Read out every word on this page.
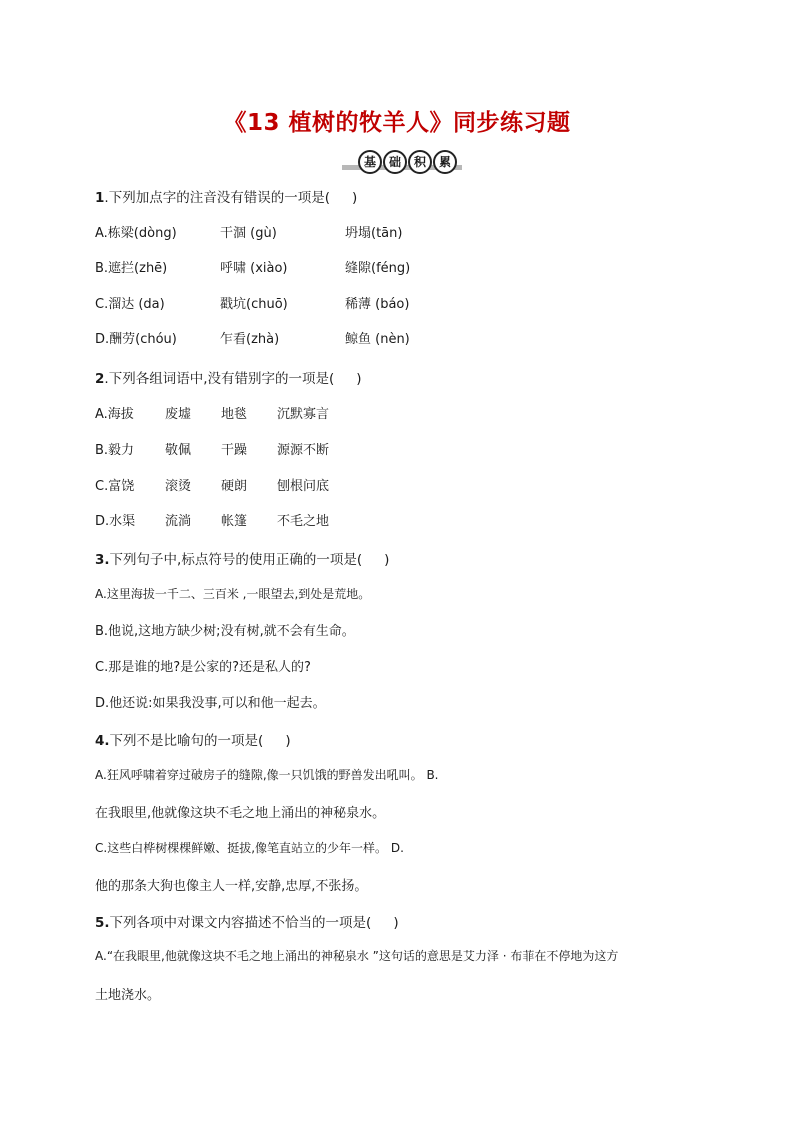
《13 植树的牧羊人》同步练习题
基	础	积	累
1.下列加点字的注音没有错误的一项是( )
A.栋梁(dòng)	干涸 (gù)	坍塌(tān)
B.遮拦(zhē)	呼啸 (xiào)	缝隙(féng)
C.溜达 (da)	戳坑(chuō)	稀薄 (báo)
D.酬劳(chóu)	乍看(zhà)	鲸鱼 (nèn)
2.下列各组词语中,没有错别字的一项是( )
A.海拔 废墟 地毯 沉默寡言
B.毅力 敬佩 干躁 源源不断
C.富饶 滚烫 硬朗 刨根问底
D.水渠 流淌 帐篷 不毛之地
3.下列句子中,标点符号的使用正确的一项是( )
A.这里海拔一千二、三百米 ,一眼望去,到处是荒地。
B.他说,这地方缺少树;没有树,就不会有生命。
C.那是谁的地?是公家的?还是私人的?
D.他还说:如果我没事,可以和他一起去。
4.下列不是比喻句的一项是( )
A.狂风呼啸着穿过破房子的缝隙,像一只饥饿的野兽发出吼叫。 B.
在我眼里,他就像这块不毛之地上涌出的神秘泉水。
C.这些白桦树棵棵鲜嫩、挺拔,像笔直站立的少年一样。 D.
他的那条大狗也像主人一样,安静,忠厚,不张扬。
5.下列各项中对课文内容描述不恰当的一项是( )
A.“在我眼里,他就像这块不毛之地上涌出的神秘泉水 ”这句话的意思是艾力泽 · 布菲在不停地为这方
土地浇水。
